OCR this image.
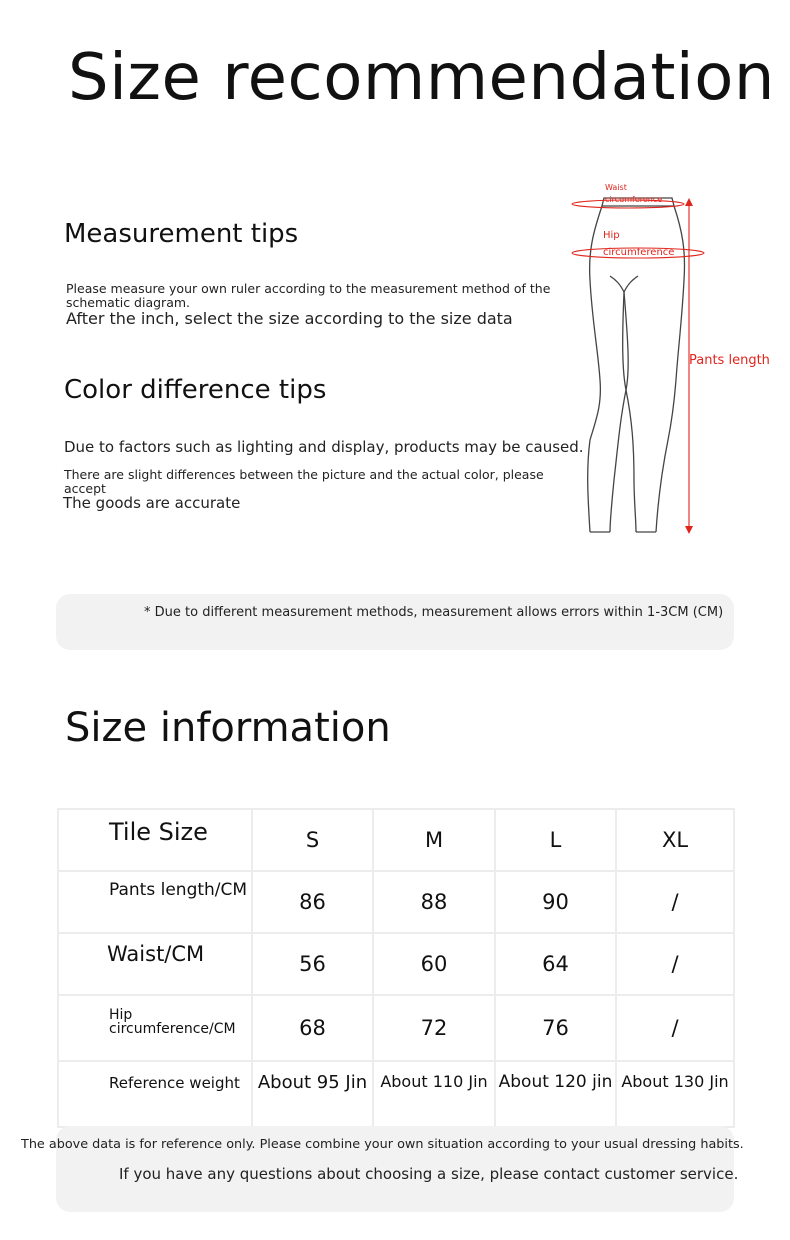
Size recommendation
Measurement tips
Please measure your own ruler according to the measurement method of the schematic diagram.
After the inch, select the size according to the size data
Color difference tips
Due to factors such as lighting and display, products may be caused.
There are slight differences between the picture and the actual color, please accept
The goods are accurate
Waist
circumference
Hip
circumference
Pants length
* Due to different measurement methods, measurement allows errors within 1-3CM (CM)
Size information
Tile Size	S	M	L	XL
Pants length/CM	86	88	90	/
Waist/CM	56	60	64	/

Hip
circumference/CM	68	72	76	/
Reference weight	About 95 Jin	About 110 Jin	About 120 jin	About 130 Jin
The above data is for reference only. Please combine your own situation according to your usual dressing habits.
If you have any questions about choosing a size, please contact customer service.
